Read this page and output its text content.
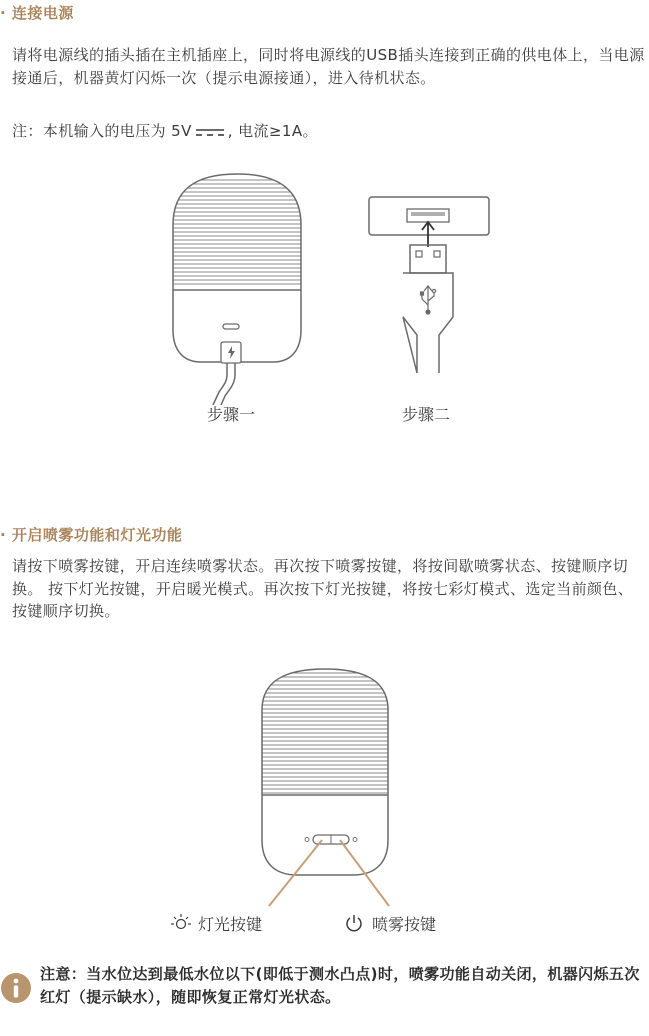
· 连接电源

请将电源线的插头插在主机插座上，同时将电源线的USB插头连接到正确的供电体上，当电源接通后，机器黄灯闪烁一次（提示电源接通），进入待机状态。

注：本机输入的电压为 5V , 电流≥1A。

步骤一	步骤二

· 开启喷雾功能和灯光功能

请按下喷雾按键，开启连续喷雾状态。再次按下喷雾按键，将按间歇喷雾状态、按键顺序切换。 按下灯光按键，开启暖光模式。再次按下灯光按键，将按七彩灯模式、选定当前颜色、按键顺序切换。

灯光按键	喷雾按键

注意：当水位达到最低水位以下(即低于测水凸点)时，喷雾功能自动关闭，机器闪烁五次红灯（提示缺水），随即恢复正常灯光状态。
